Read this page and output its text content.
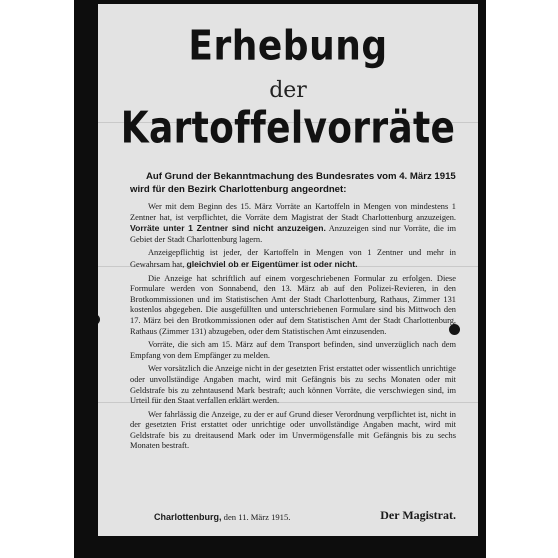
Erhebung
der
Kartoffelvorräte
Auf Grund der Bekanntmachung des Bundesrates vom 4. März 1915 wird für den Bezirk Charlottenburg angeordnet:

Wer mit dem Beginn des 15. März Vorräte an Kartoffeln in Mengen von mindestens 1 Zentner hat, ist verpflichtet, die Vorräte dem Magistrat der Stadt Charlottenburg anzuzeigen. Vorräte unter 1 Zentner sind nicht anzuzeigen. Anzuzeigen sind nur Vorräte, die im Gebiet der Stadt Charlottenburg lagern.

Anzeigepflichtig ist jeder, der Kartoffeln in Mengen von 1 Zentner und mehr in Gewahrsam hat, gleichviel ob er Eigentümer ist oder nicht.

Die Anzeige hat schriftlich auf einem vorgeschriebenen Formular zu erfolgen. Diese Formulare werden von Sonnabend, den 13. März ab auf den Polizei-Revieren, in den Brotkommissionen und im Statistischen Amt der Stadt Charlottenburg, Rathaus, Zimmer 131 kostenlos abgegeben. Die ausgefüllten und unterschriebenen Formulare sind bis Mittwoch den 17. März bei den Brotkommissionen oder auf dem Statistischen Amt der Stadt Charlottenburg, Rathaus (Zimmer 131) abzugeben, oder dem Statistischen Amt einzusenden.

Vorräte, die sich am 15. März auf dem Transport befinden, sind unverzüglich nach dem Empfang von dem Empfänger zu melden.

Wer vorsätzlich die Anzeige nicht in der gesetzten Frist erstattet oder wissentlich unrichtige oder unvollständige Angaben macht, wird mit Gefängnis bis zu sechs Monaten oder mit Geldstrafe bis zu zehntausend Mark bestraft; auch können Vorräte, die verschwiegen sind, im Urteil für den Staat verfallen erklärt werden.

Wer fahrlässig die Anzeige, zu der er auf Grund dieser Verordnung verpflichtet ist, nicht in der gesetzten Frist erstattet oder unrichtige oder unvollständige Angaben macht, wird mit Geldstrafe bis zu dreitausend Mark oder im Unvermögensfalle mit Gefängnis bis zu sechs Monaten bestraft.

Charlottenburg, den 11. März 1915.	Der Magistrat.
